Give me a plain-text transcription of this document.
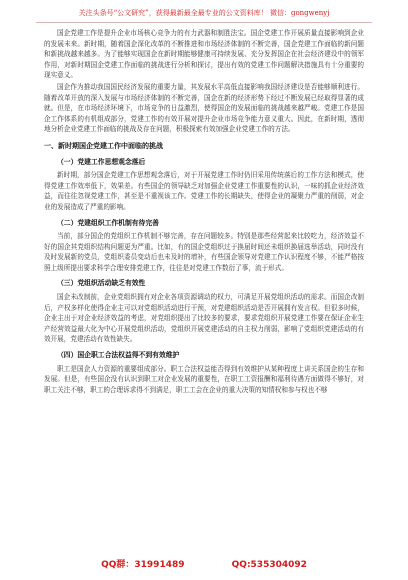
关注头条号“公文研究”，获得最新最全最专业的公文资料库！ 微信：gongwenyj

国企党建工作是提升企业市场核心竞争力的有力武器和制胜法宝。国企党建工作开展质量直接影响到企业的发展未来。新时期，随着国企深化改革的不断推进和市场经济体制的不断完善，国企党建工作面临的新问题和新挑战越来越多。为了能够实现国企在新时期能够健康可持续发展、充分发挥国企在社会经济建设中的领军作用，对新时期国企党建工作面临的挑战进行分析和探讨，提出有效的党建工作问题解决措施具有十分重要的现实意义。

国企作为推动我国国民经济发展的重要力量，其发展水平高低直接影响我国经济建设是否能够顺利进行。随着改革开放的深入发展与市场经济体制的不断完善，国企在新的经济形势下经过不断发展已经取得显著的成就。但是，在市场经济环境下，市场竞争的日益激烈，使得国企的发展面临的挑战越来越严峻。党建工作是国企工作体系的有机组成部分，党建工作的有效开展对提升企业市场竞争能力意义重大。因此，在新时期，透彻地分析企业党建工作面临的挑战及存在问题，积极探索有效加强企业党建工作的方法。

一、新时期国企党建工作中面临的挑战
（一）党建工作思想观念落后

新时期，部分国企党建工作思想观念落后，对于开展党建工作时仍旧采用传统落后的工作方法和模式，使得党建工作效率低下，效果差。有些国企的领导缺乏对加强企业党建工作重要性的认识，一味的抓企业经济效益，而往往忽视党建工作，甚至是不重视该工作。党建工作的长期缺失，使得企业的凝聚力严重的削弱，对企业的发展造成了严重的影响。

（二）党建组织工作机制有待完善

当前，部分国企的党组织工作机制不够完善，存在问题较多。特别是那些经营起来比较吃力，经济效益不好的国企其党组织结构问题更为严重。比如，有的国企党组织过于换届时间还未组织换届选举活动，同时没有及时发展新的党员，党组织委员变动后也未及时的增补，有些国企领导对党建工作认识程度不够，不能严格按照上级所提出要求科学合理安排党建工作，往往是对党建工作数衍了事，流于形式。

（三）党组织活动缺乏有效性

国企未改制前，企业党组织拥有对企业各项资源调动的权力，可满足开展党组织活动的需求。而国企改制后，产权多样化使得企业主可以对党组织活动进行干预，对党建组织活动是否开展拥有发言权。但很多时候，企业主出于对企业经济效益的考虑，对党组织提出了比较多的要求，要求党组织开展党建工作要在保证企业生产经营效益最大化为中心开展党组织活动，党组织开展党建活动的自主权力削弱，影响了党组织党建活动的有效开展，党建活动有效性缺失。

（四）国企职工合法权益得不到有效维护

职工是国企人力资源的重要组成部分。职工合法权益能否得到有效维护从某种程度上讲关系国企的生存和发展。但是，有些国企没有认识到职工对企业发展的重要性，在职工工资报酬和福利待遇方面做得不够好，对职工关注不够，职工的合理诉求得不到满足，职工工会在企业的重大决策的知情权和参与权也不够

QQ群：31991489	QQ:535304092
